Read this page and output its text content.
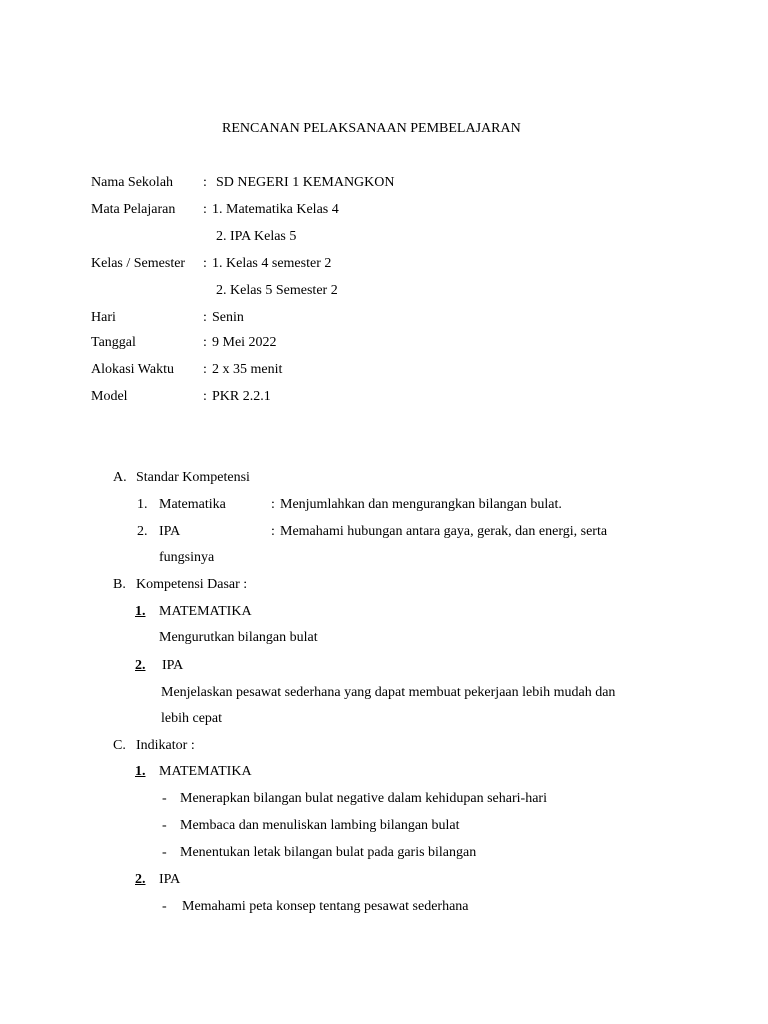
RENCANAN PELAKSANAAN PEMBELAJARAN
Nama Sekolah : SD NEGERI 1 KEMANGKON
Mata Pelajaran : 1. Matematika Kelas 4
2. IPA Kelas 5
Kelas / Semester : 1. Kelas 4 semester 2
2. Kelas 5 Semester 2
Hari	: Senin
Tanggal	: 9 Mei 2022
Alokasi Waktu : 2 x 35 menit
Model	: PKR 2.2.1
A. Standar Kompetensi
1. Matematika	: Menjumlahkan dan mengurangkan bilangan bulat.
2. IPA	: Memahami hubungan antara gaya, gerak, dan energi, serta
fungsinya
B. Kompetensi Dasar :
1. MATEMATIKA
Mengurutkan bilangan bulat
2.	IPA
Menjelaskan pesawat sederhana yang dapat membuat pekerjaan lebih mudah dan
lebih cepat
C. Indikator :
1. MATEMATIKA
- Menerapkan bilangan bulat negative dalam kehidupan sehari-hari
- Membaca dan menuliskan lambing bilangan bulat
- Menentukan letak bilangan bulat pada garis bilangan
2. IPA
- Memahami peta konsep tentang pesawat sederhana
